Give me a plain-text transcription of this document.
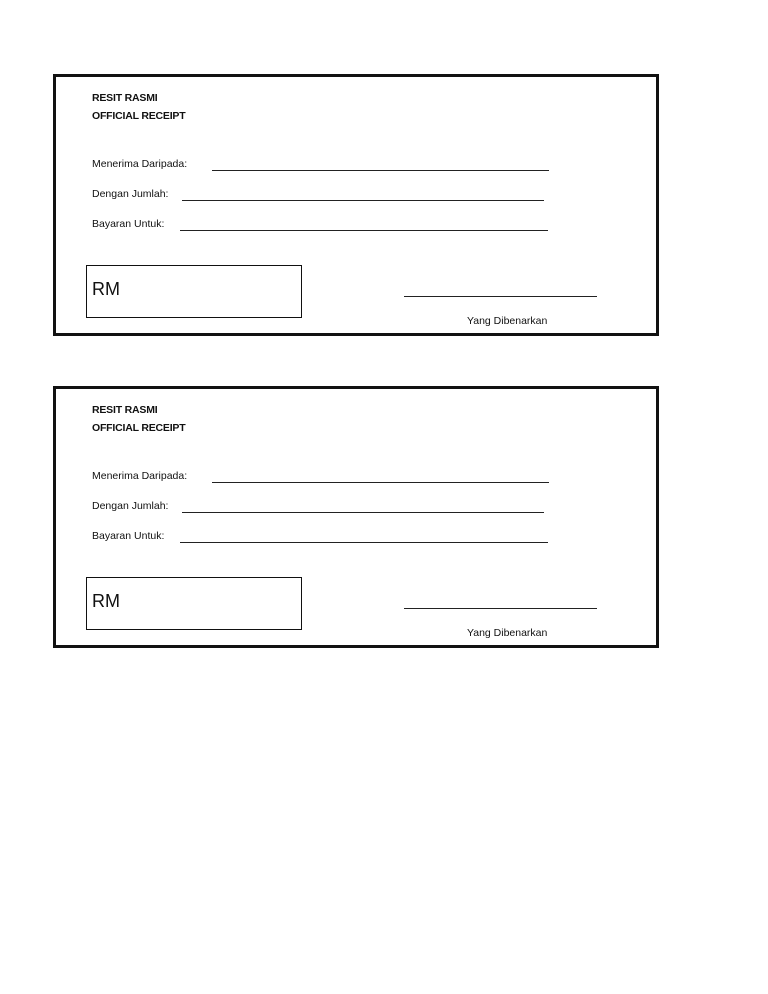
RESIT RASMI
OFFICIAL RECEIPT
Menerima Daripada:
Dengan Jumlah:
Bayaran Untuk:
RM
Yang Dibenarkan
RESIT RASMI
OFFICIAL RECEIPT
Menerima Daripada:
Dengan Jumlah:
Bayaran Untuk:
RM
Yang Dibenarkan
